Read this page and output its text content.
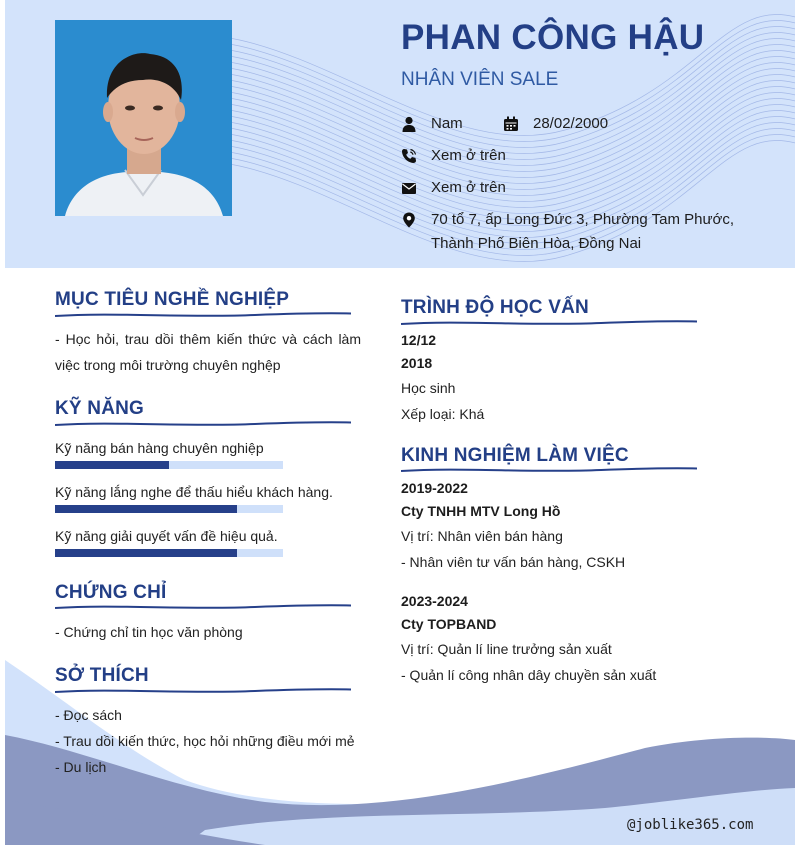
PHAN CÔNG HẬU
NHÂN VIÊN SALE
Nam	28/02/2000
Xem ở trên
Xem ở trên
70 tổ 7, ấp Long Đức 3, Phường Tam Phước,
Thành Phố Biên Hòa, Đồng Nai
MỤC TIÊU NGHỀ NGHIỆP
- Học hỏi, trau dồi thêm kiến thức và cách làm
việc trong môi trường chuyên nghệp
KỸ NĂNG
Kỹ năng bán hàng chuyên nghiệp
Kỹ năng lắng nghe để thấu hiểu khách hàng.
Kỹ năng giải quyết vấn đề hiệu quả.
CHỨNG CHỈ
- Chứng chỉ tin học văn phòng
SỞ THÍCH
- Đọc sách
- Trau dồi kiến thức, học hỏi những điều mới mẻ
- Du lịch
TRÌNH ĐỘ HỌC VẤN
12/12
2018
Học sinh
Xếp loại: Khá
KINH NGHIỆM LÀM VIỆC
2019-2022
Cty TNHH MTV Long Hồ
Vị trí: Nhân viên bán hàng
- Nhân viên tư vấn bán hàng, CSKH
2023-2024
Cty TOPBAND
Vị trí: Quản lí line trưởng sản xuất
- Quản lí công nhân dây chuyền sản xuất
@joblike365.com
